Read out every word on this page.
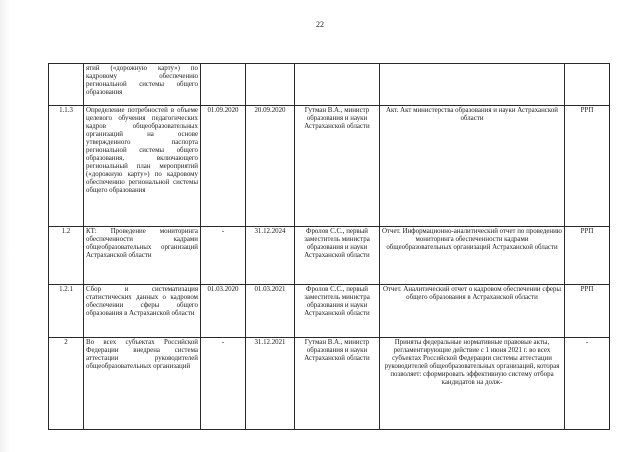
22
	ятий («дорожную карту») по кадровому обеспечению региональной системы общего образования					
1.1.3	Определение потребностей в объеме целевого обучения педагогических кадров общеобразовательных организаций на основе утвержденного паспорта региональной системы общего образования, включающего региональный план мероприятий («дорожную карту») по кадровому обеспечению региональной системы общего образования	01.09.2020	20.09.2020	Гутман В.А., министр образования и науки Астраханской области	Акт. Акт министерства образования и науки Астраханской области	РРП
1.2	КТ: Проведение мониторинга обеспеченности кадрами общеобразовательных организаций Астраханской области	-	31.12.2024	Фролов С.С., первый заместитель министра образования и науки Астраханской области	Отчет. Информационно-аналитический отчет по проведению мониторинга обеспеченности кадрами общеобразовательных организаций Астраханской области	РРП
1.2.1	Сбор и систематизация статистических данных о кадровом обеспечении сферы общего образования в Астраханской области	01.03.2020	01.03.2021	Фролов С.С., первый заместитель министра образования и науки Астраханской области	Отчет. Аналитический отчет о кадровом обеспечении сферы общего образования в Астраханской области	РРП
2	Во всех субъектах Российской Федерации внедрена система аттестации руководителей общеобразовательных организаций	-	31.12.2021	Гутман В.А., министр образования и науки Астраханской области	Приняты федеральные нормативные правовые акты, регламентирующие действие с 1 июня 2021 г. во всех субъектах Российской Федерации системы аттестации руководителей общеобразовательных организаций, которая позволяет: сформировать эффективную систему отбора кандидатов на долж-	-
